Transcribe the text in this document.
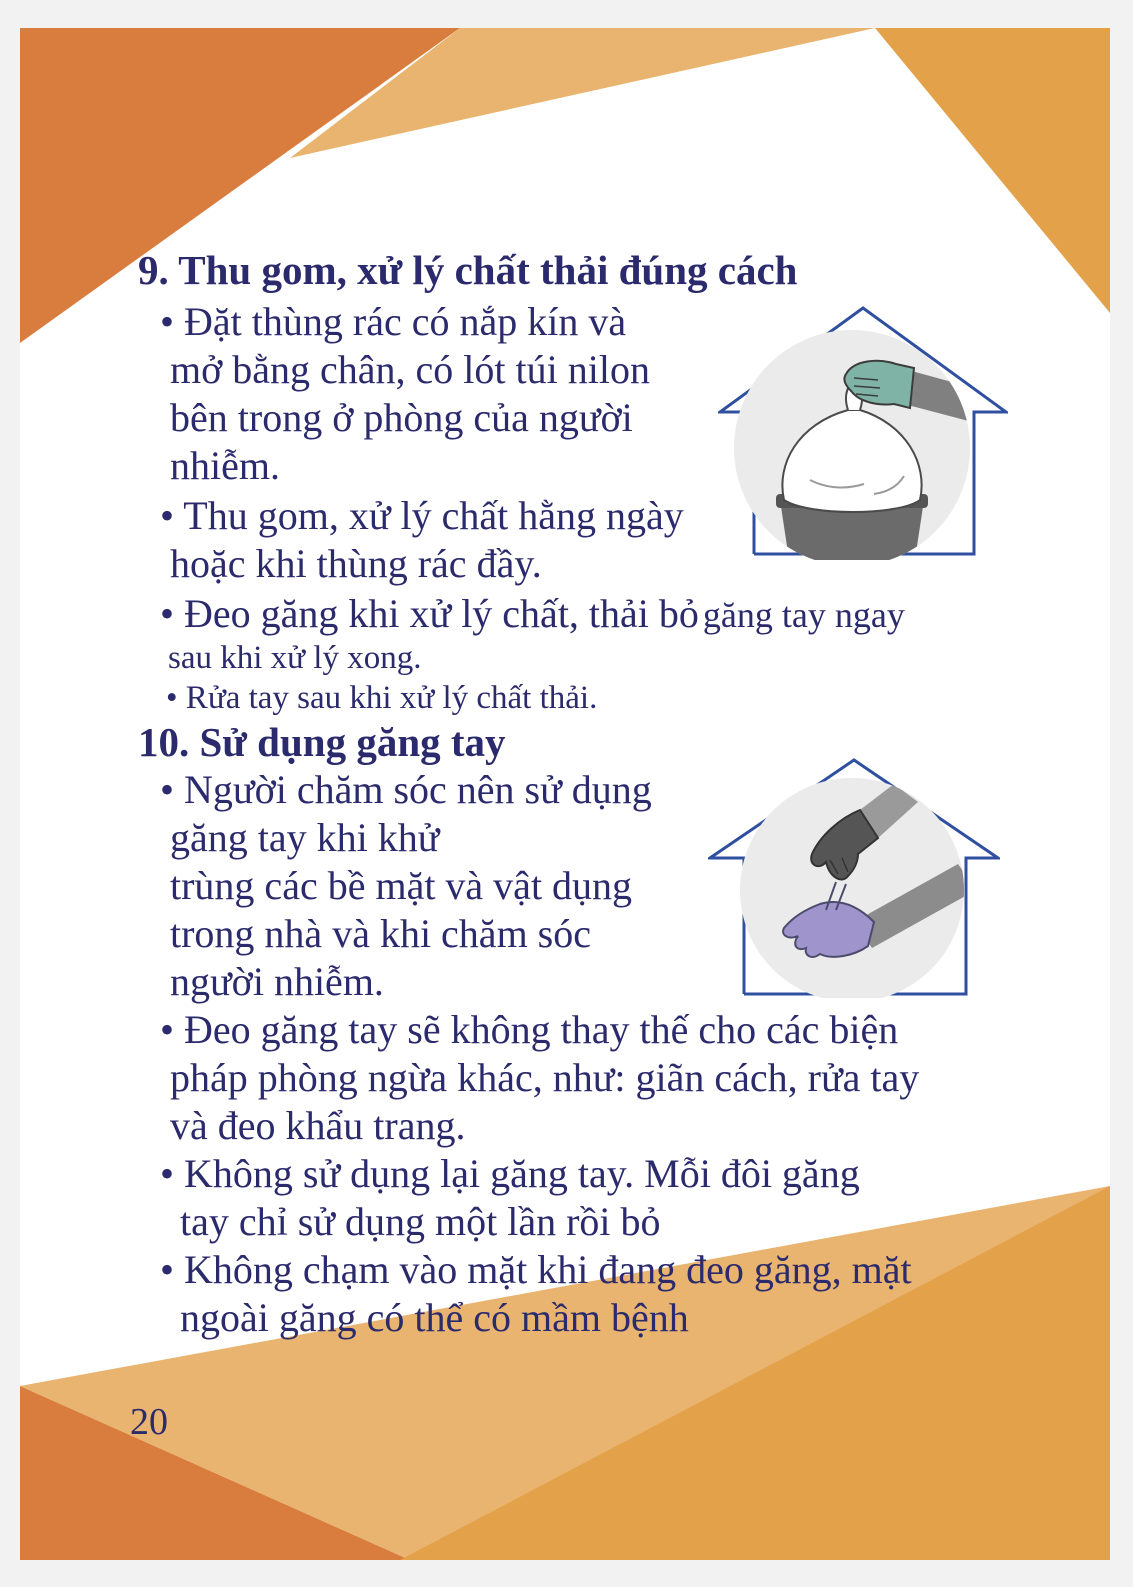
9. Thu gom, xử lý chất thải đúng cách
• Đặt thùng rác có nắp kín và
mở bằng chân, có lót túi nilon
bên trong ở phòng của người
nhiễm.
• Thu gom, xử lý chất hằng ngày
hoặc khi thùng rác đầy.
• Đeo găng khi xử lý chất, thải bỏ găng tay ngay
sau khi xử lý xong.
• Rửa tay sau khi xử lý chất thải.
10. Sử dụng găng tay
• Người chăm sóc nên sử dụng
găng tay khi khử
trùng các bề mặt và vật dụng
trong nhà và khi chăm sóc
người nhiễm.
• Đeo găng tay sẽ không thay thế cho các biện
pháp phòng ngừa khác, như: giãn cách, rửa tay
và đeo khẩu trang.
• Không sử dụng lại găng tay. Mỗi đôi găng
tay chỉ sử dụng một lần rồi bỏ
• Không chạm vào mặt khi đang đeo găng, mặt
ngoài găng có thể có mầm bệnh
20
